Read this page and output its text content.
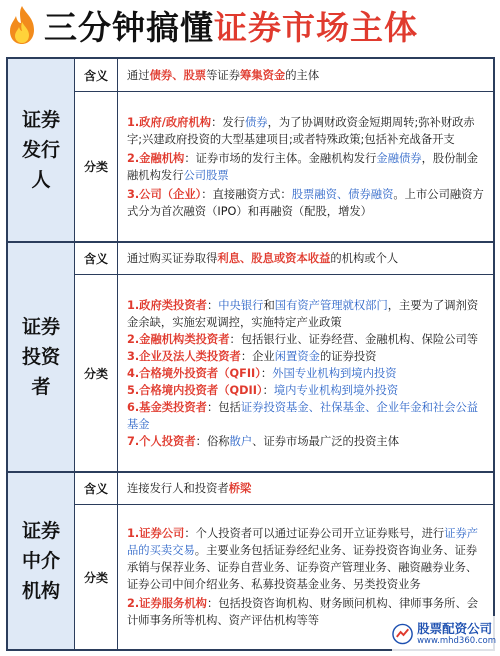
三分钟搞懂 证券市场主体
证券发行人
含义	通过债券、股票等证券筹集资金的主体
分类
1.政府/政府机构：发行债券，为了协调财政资金短期周转;弥补财政赤字;兴建政府投资的大型基建项目;或者特殊政策;包括补充战备开支
2.金融机构：证券市场的发行主体。金融机构发行金融债券，股份制金融机构发行公司股票
3.公司（企业）：直接融资方式：股票融资、债券融资。上市公司融资方式分为首次融资（IPO）和再融资（配股，增发）
证券投资者
含义	通过购买证券取得利息、股息或资本收益的机构或个人
分类
1.政府类投资者：中央银行和国有资产管理就权部门，主要为了调剂资金余缺，实施宏观调控，实施特定产业政策
2.金融机构类投资者：包括银行业、证券经营、金融机构、保险公司等
3.企业及法人类投资者：企业闲置资金的证券投资
4.合格境外投资者（QFII）：外国专业机构到境内投资
5.合格境内投资者（QDII）：境内专业机构到境外投资
6.基金类投资者：包括证券投资基金、社保基金、企业年金和社会公益基金
7.个人投资者：俗称散户、证券市场最广泛的投资主体
证券中介机构
含义	连接发行人和投资者桥梁
分类
1.证券公司：个人投资者可以通过证券公司开立证券账号，进行证券产品的买卖交易。主要业务包括证券经纪业务、证券投资咨询业务、证券承销与保荐业务、证券自营业务、证券资产管理业务、融资融券业务、证券公司中间介绍业务、私募投资基金业务、另类投资业务
2.证券服务机构：包括投资咨询机构、财务顾问机构、律师事务所、会计师事务所等机构、资产评估机构等等	股票配资公司
www.mhd360.com
